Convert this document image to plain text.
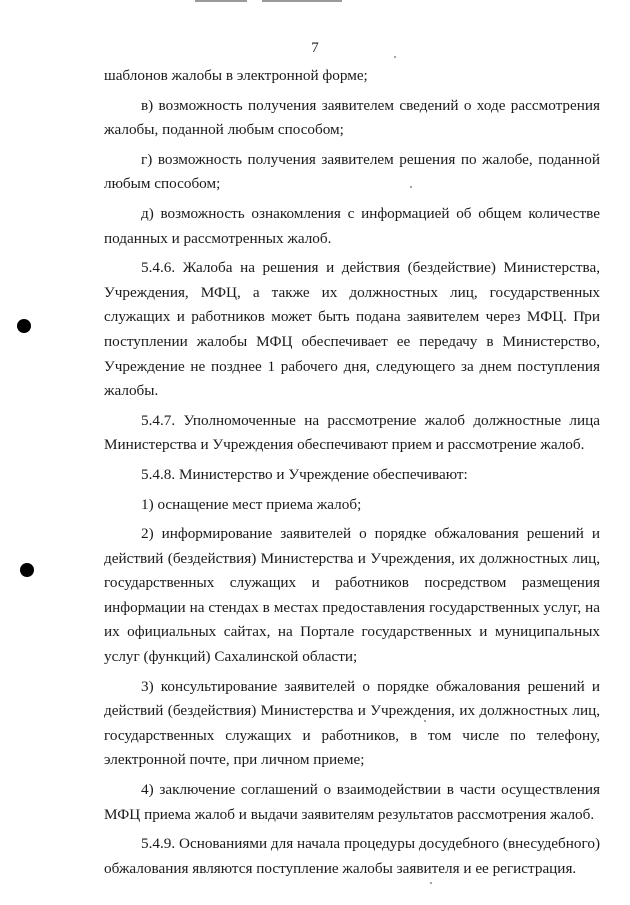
7

шаблонов жалобы в электронной форме;

в) возможность получения заявителем сведений о ходе рассмотрения жалобы, поданной любым способом;

г) возможность получения заявителем решения по жалобе, поданной любым способом;

д) возможность ознакомления с информацией об общем количестве поданных и рассмотренных жалоб.

5.4.6. Жалоба на решения и действия (бездействие) Министерства, Учреждения, МФЦ, а также их должностных лиц, государственных служащих и работников может быть подана заявителем через МФЦ. При поступлении жалобы МФЦ обеспечивает ее передачу в Министерство, Учреждение не позднее 1 рабочего дня, следующего за днем поступления жалобы.

5.4.7. Уполномоченные на рассмотрение жалоб должностные лица Министерства и Учреждения обеспечивают прием и рассмотрение жалоб.

5.4.8. Министерство и Учреждение обеспечивают:

1) оснащение мест приема жалоб;

2) информирование заявителей о порядке обжалования решений и действий (бездействия) Министерства и Учреждения, их должностных лиц, государственных служащих и работников посредством размещения информации на стендах в местах предоставления государственных услуг, на их официальных сайтах, на Портале государственных и муниципальных услуг (функций) Сахалинской области;

3) консультирование заявителей о порядке обжалования решений и действий (бездействия) Министерства и Учреждения, их должностных лиц, государственных служащих и работников, в том числе по телефону, электронной почте, при личном приеме;

4) заключение соглашений о взаимодействии в части осуществления МФЦ приема жалоб и выдачи заявителям результатов рассмотрения жалоб.

5.4.9. Основаниями для начала процедуры досудебного (внесудебного) обжалования являются поступление жалобы заявителя и ее регистрация.
